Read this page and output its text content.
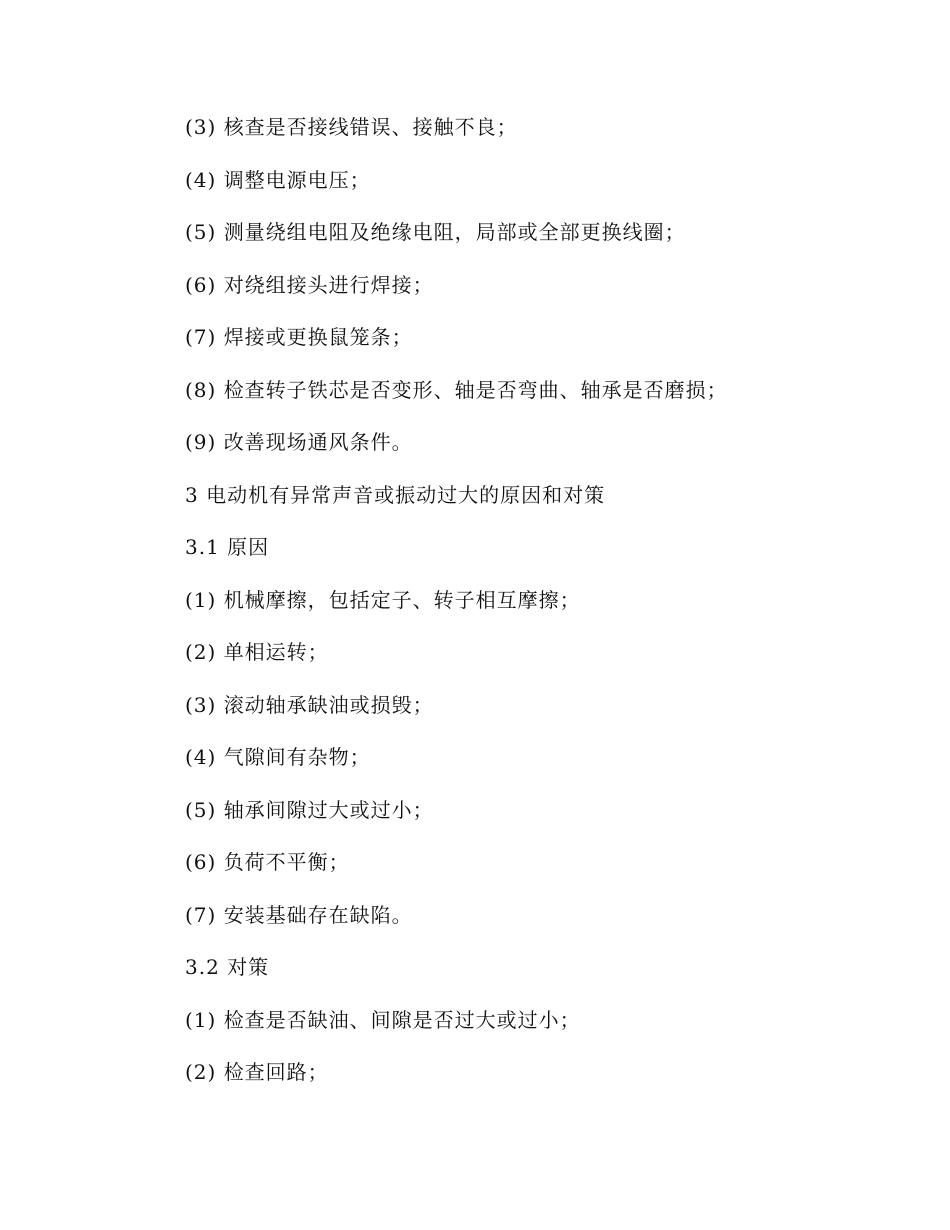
(3) 核查是否接线错误、接触不良；
(4) 调整电源电压；
(5) 测量绕组电阻及绝缘电阻，局部或全部更换线圈；
(6) 对绕组接头进行焊接；
(7) 焊接或更换鼠笼条；
(8) 检查转子铁芯是否变形、轴是否弯曲、轴承是否磨损；
(9) 改善现场通风条件。
3 电动机有异常声音或振动过大的原因和对策
3.1 原因
(1) 机械摩擦，包括定子、转子相互摩擦；
(2) 单相运转；
(3) 滚动轴承缺油或损毁；
(4) 气隙间有杂物；
(5) 轴承间隙过大或过小；
(6) 负荷不平衡；
(7) 安装基础存在缺陷。
3.2 对策
(1) 检查是否缺油、间隙是否过大或过小；
(2) 检查回路；
